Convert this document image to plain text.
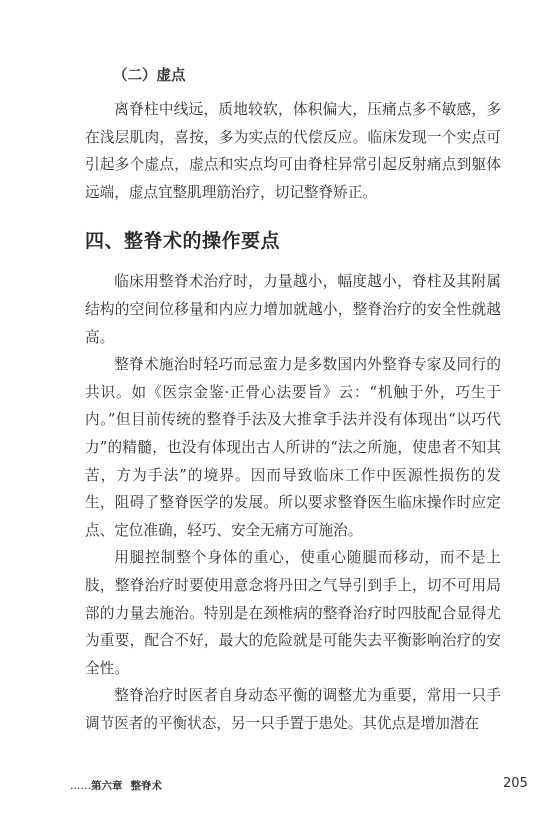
（二）虚点

离脊柱中线远，质地较软，体积偏大，压痛点多不敏感，多在浅层肌肉，喜按，多为实点的代偿反应。临床发现一个实点可引起多个虚点，虚点和实点均可由脊柱异常引起反射痛点到躯体远端，虚点宜整肌理筋治疗，切记整脊矫正。

四、整脊术的操作要点

临床用整脊术治疗时，力量越小，幅度越小，脊柱及其附属结构的空间位移量和内应力增加就越小，整脊治疗的安全性就越高。

整脊术施治时轻巧而忌蛮力是多数国内外整脊专家及同行的共识。如《医宗金鉴·正骨心法要旨》云：“机触于外，巧生于内。”但目前传统的整脊手法及大推拿手法并没有体现出“以巧代力”的精髓，也没有体现出古人所讲的“法之所施，使患者不知其苦，方为手法”的境界。因而导致临床工作中医源性损伤的发生，阻碍了整脊医学的发展。所以要求整脊医生临床操作时应定点、定位准确，轻巧、安全无痛方可施治。

用腿控制整个身体的重心，使重心随腿而移动，而不是上肢，整脊治疗时要使用意念将丹田之气导引到手上，切不可用局部的力量去施治。特别是在颈椎病的整脊治疗时四肢配合显得尤为重要，配合不好，最大的危险就是可能失去平衡影响治疗的安全性。

整脊治疗时医者自身动态平衡的调整尤为重要，常用一只手调节医者的平衡状态，另一只手置于患处。其优点是增加潜在

……第六章 整脊术	205
